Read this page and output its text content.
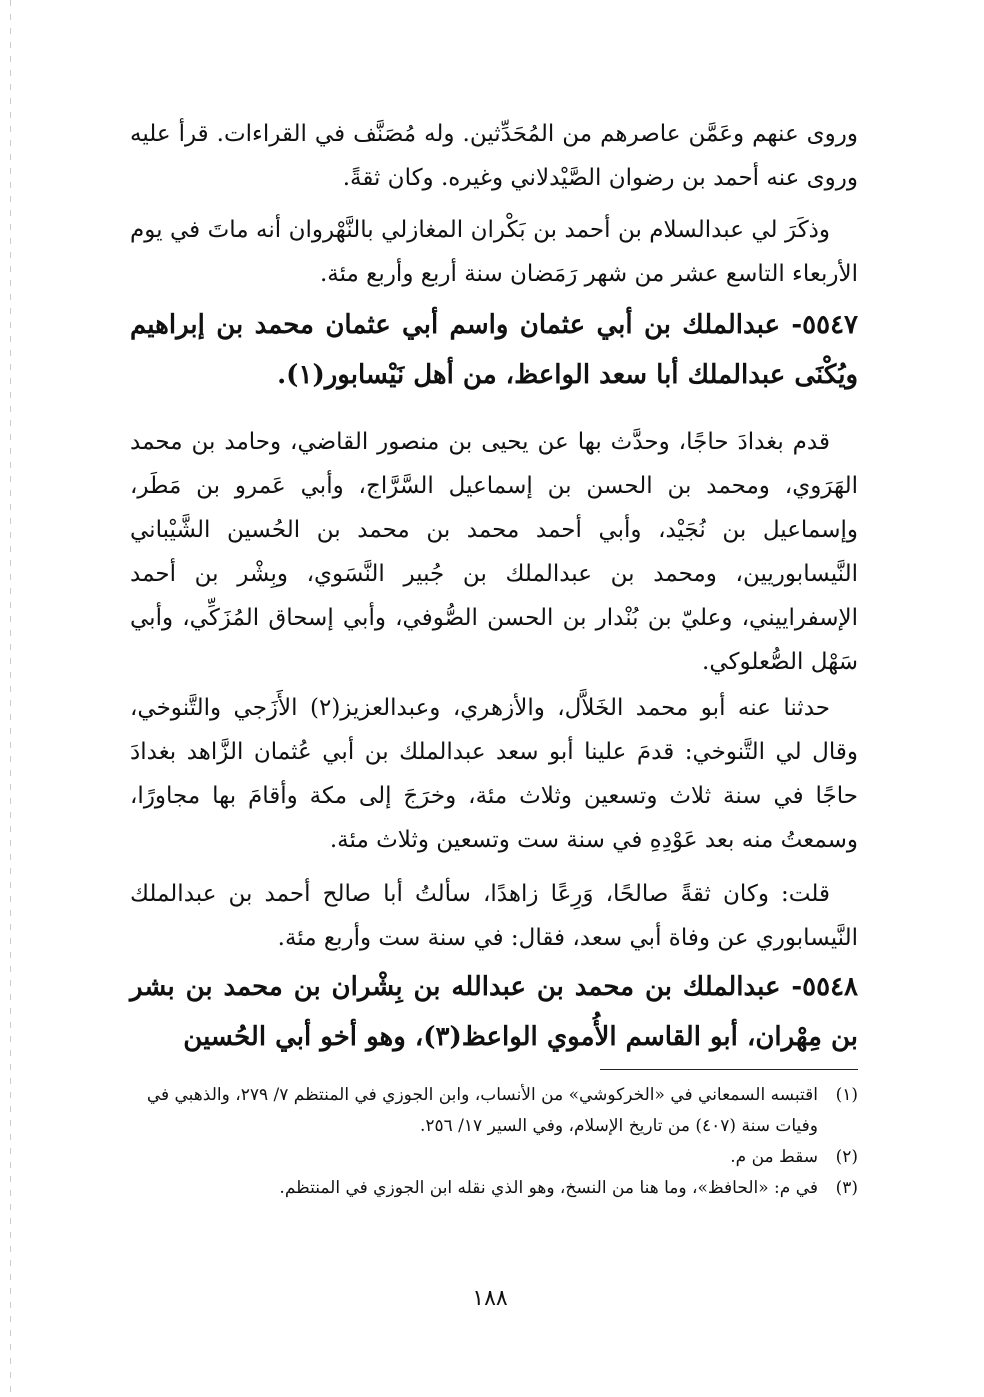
وروى عنهم وعَمَّن عاصرهم من المُحَدِّثين. وله مُصَنَّف في القراءات. قرأ عليه وروى عنه أحمد بن رضوان الصَّيْدلاني وغيره. وكان ثقةً.

وذكَرَ لي عبدالسلام بن أحمد بن بَكْران المغازلي بالنَّهْروان أنه ماتَ في يوم الأربعاء التاسع عشر من شهر رَمَضان سنة أربع وأربع مئة.

٥٥٤٧- عبدالملك بن أبي عثمان واسم أبي عثمان محمد بن إبراهيم ويُكْنَى عبدالملك أبا سعد الواعظ، من أهل نَيْسابور(١).

قدم بغدادَ حاجًا، وحدَّث بها عن يحيى بن منصور القاضي، وحامد بن محمد الهَرَوي، ومحمد بن الحسن بن إسماعيل السَّرَّاج، وأبي عَمرو بن مَطَر، وإسماعيل بن نُجَيْد، وأبي أحمد محمد بن محمد بن الحُسين الشَّيْباني النَّيسابوريين، ومحمد بن عبدالملك بن جُبير النَّسَوي، وبِشْر بن أحمد الإسفراييني، وعليّ بن بُنْدار بن الحسن الصُّوفي، وأبي إسحاق المُزَكِّي، وأبي سَهْل الصُّعلوكي.

حدثنا عنه أبو محمد الخَلاَّل، والأزهري، وعبدالعزيز(٢) الأَزَجي والتَّنوخي، وقال لي التَّنوخي: قدمَ علينا أبو سعد عبدالملك بن أبي عُثمان الزَّاهد بغدادَ حاجًا في سنة ثلاث وتسعين وثلاث مئة، وخرَجَ إلى مكة وأقامَ بها مجاورًا، وسمعتُ منه بعد عَوْدِهِ في سنة ست وتسعين وثلاث مئة.

قلت: وكان ثقةً صالحًا، وَرِعًا زاهدًا، سألتُ أبا صالح أحمد بن عبدالملك النَّيسابوري عن وفاة أبي سعد، فقال: في سنة ست وأربع مئة.

٥٥٤٨- عبدالملك بن محمد بن عبدالله بن بِشْران بن محمد بن بشر بن مِهْران، أبو القاسم الأُموي الواعظ(٣)، وهو أخو أبي الحُسين

(١)
اقتبسه السمعاني في «الخركوشي» من الأنساب، وابن الجوزي في المنتظم ٧/ ٢٧٩، والذهبي في وفيات سنة (٤٠٧) من تاريخ الإسلام، وفي السير ١٧/ ٢٥٦.

(٢)
سقط من م.

(٣)
في م: «الحافظ»، وما هنا من النسخ، وهو الذي نقله ابن الجوزي في المنتظم.

١٨٨
